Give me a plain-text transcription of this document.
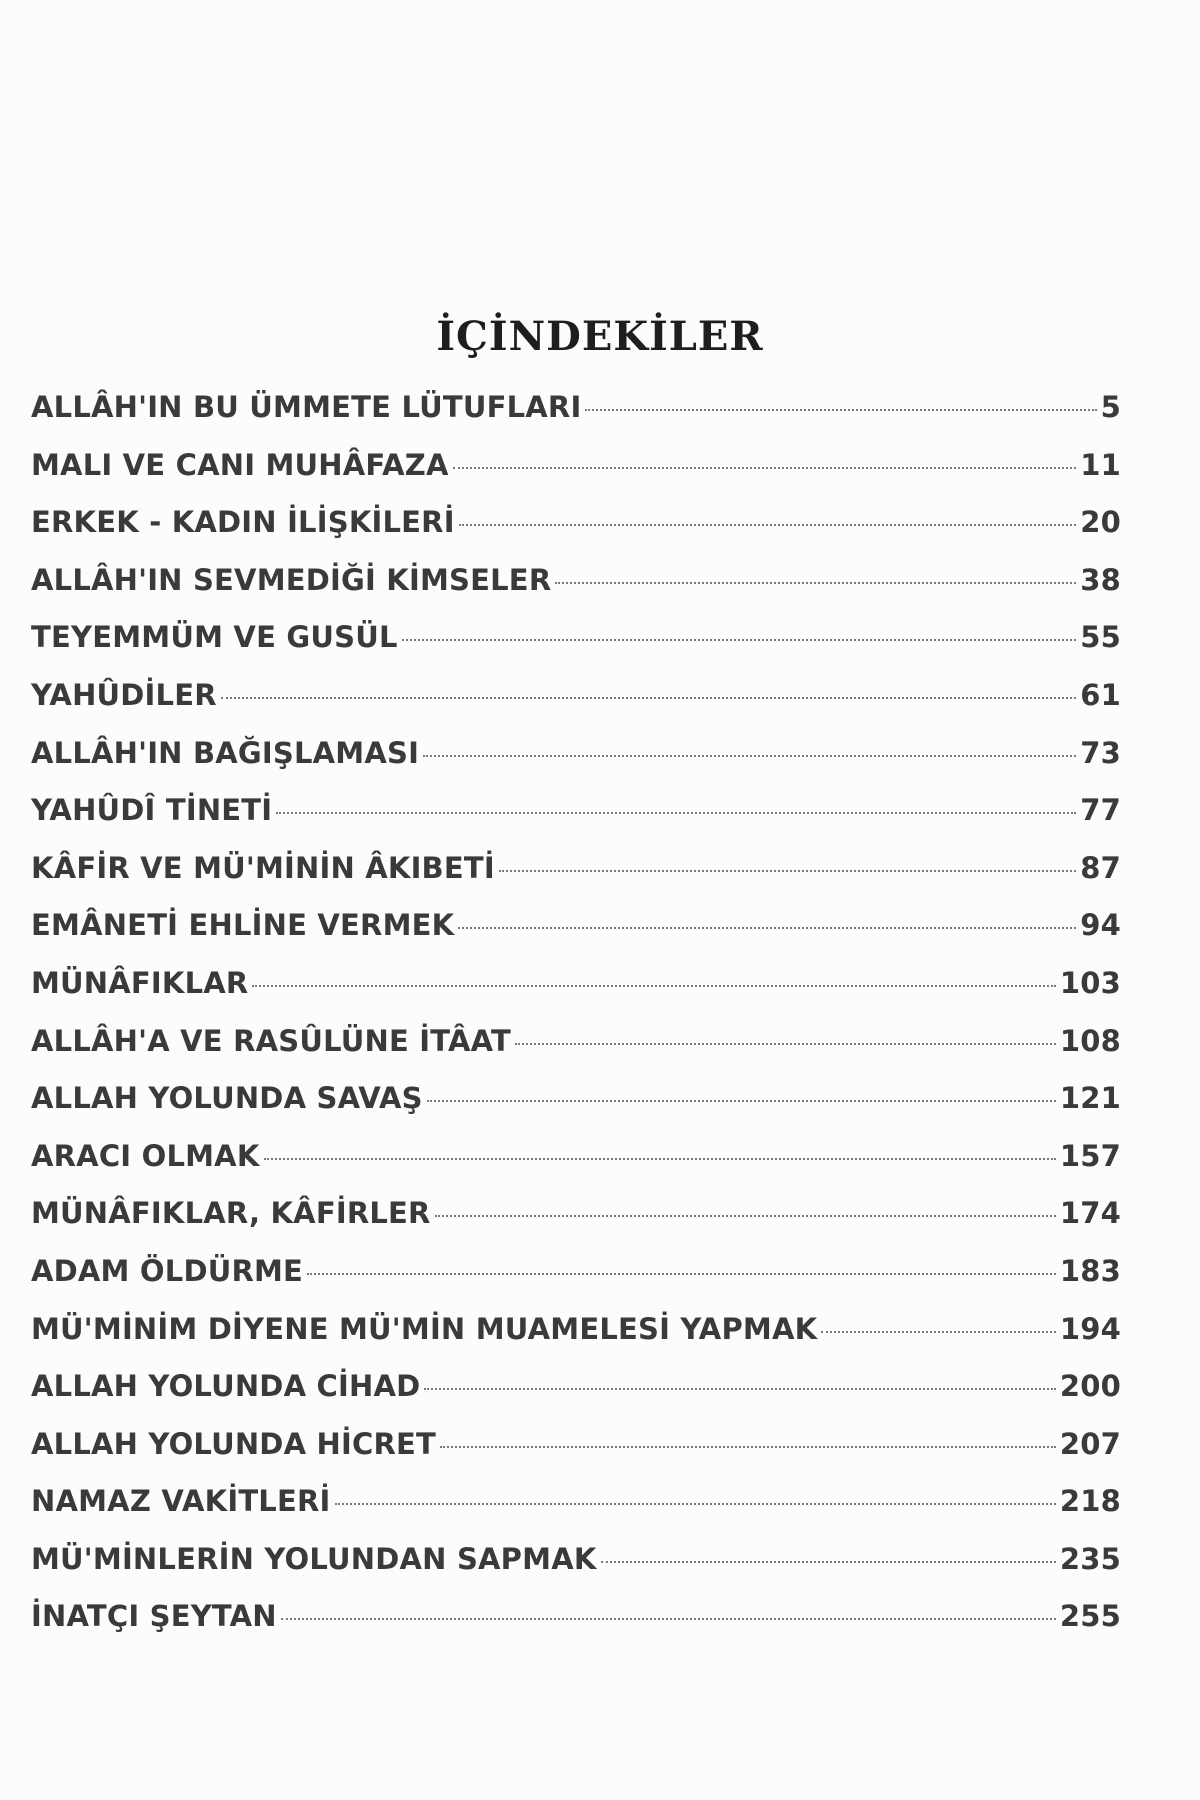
İÇİNDEKİLER
ALLÂH'IN BU ÜMMETE LÜTUFLARI	5
MALI VE CANI MUHÂFAZA	11
ERKEK - KADIN İLİŞKİLERİ	20
ALLÂH'IN SEVMEDİĞİ KİMSELER	38
TEYEMMÜM VE GUSÜL	55
YAHÛDİLER	61
ALLÂH'IN BAĞIŞLAMASI	73
YAHÛDÎ TİNETİ	77
KÂFİR VE MÜ'MİNİN ÂKIBETİ	87
EMÂNETİ EHLİNE VERMEK	94
MÜNÂFIKLAR	103
ALLÂH'A VE RASÛLÜNE İTÂAT	108
ALLAH YOLUNDA SAVAŞ	121
ARACI OLMAK	157
MÜNÂFIKLAR, KÂFİRLER	174
ADAM ÖLDÜRME	183
MÜ'MİNİM DİYENE MÜ'MİN MUAMELESİ YAPMAK	194
ALLAH YOLUNDA CİHAD	200
ALLAH YOLUNDA HİCRET	207
NAMAZ VAKİTLERİ	218
MÜ'MİNLERİN YOLUNDAN SAPMAK	235
İNATÇI ŞEYTAN	255
